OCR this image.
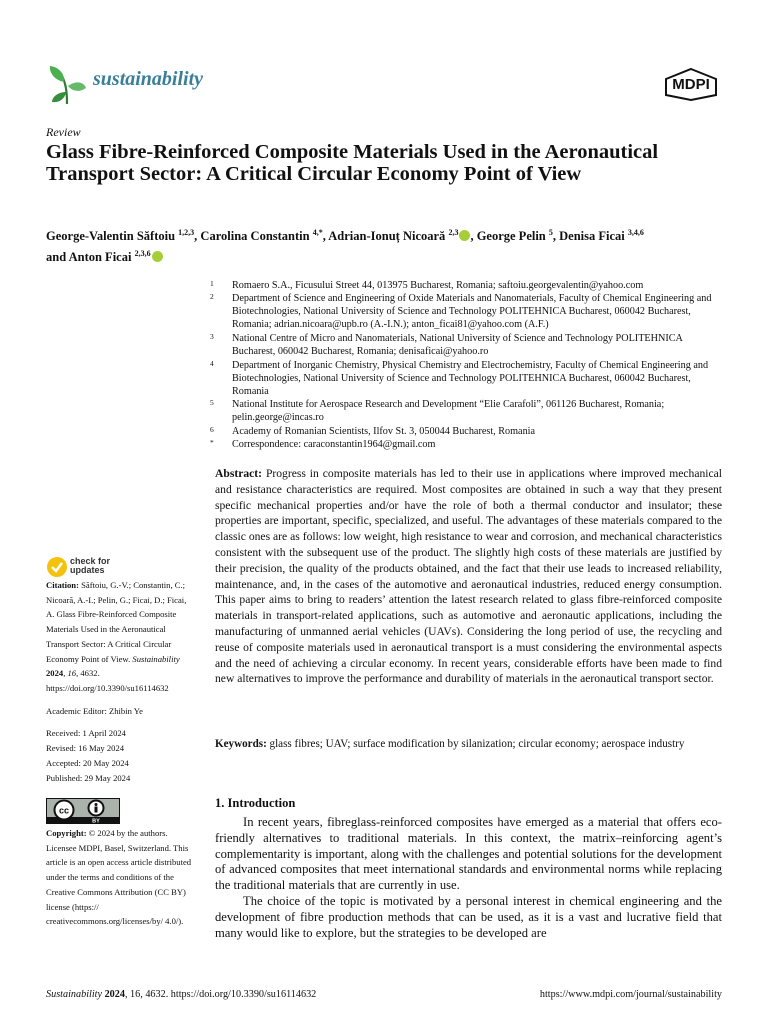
sustainability	MDPI
Review
Glass Fibre-Reinforced Composite Materials Used in the Aeronautical Transport Sector: A Critical Circular Economy Point of View
George-Valentin Săftoiu $^{1,2,3}$, Carolina Constantin $^{4,*}$, Adrian-Ionuț Nicoară $^{2,3}$ , George Pelin $^5$, Denisa Ficai $^{3,4,6}$
and Anton Ficai $^{2,3,6}$
1	Romaero S.A., Ficusului Street 44, 013975 Bucharest, Romania; saftoiu.georgevalentin@yahoo.com
2	Department of Science and Engineering of Oxide Materials and Nanomaterials, Faculty of Chemical Engineering and Biotechnologies, National University of Science and Technology POLITEHNICA Bucharest, 060042 Bucharest, Romania; adrian.nicoara@upb.ro (A.-I.N.); anton_ficai81@yahoo.com (A.F.)
3	National Centre of Micro and Nanomaterials, National University of Science and Technology POLITEHNICA Bucharest, 060042 Bucharest, Romania; denisaficai@yahoo.ro
4	Department of Inorganic Chemistry, Physical Chemistry and Electrochemistry, Faculty of Chemical Engineering and Biotechnologies, National University of Science and Technology POLITEHNICA Bucharest, 060042 Bucharest, Romania
5	National Institute for Aerospace Research and Development “Elie Carafoli”, 061126 Bucharest, Romania; pelin.george@incas.ro
6	Academy of Romanian Scientists, Ilfov St. 3, 050044 Bucharest, Romania
*	Correspondence: caraconstantin1964@gmail.com
Abstract: Progress in composite materials has led to their use in applications where improved mechanical and resistance characteristics are required. Most composites are obtained in such a way that they present specific mechanical properties and/or have the role of both a thermal conductor and insulator; these properties are important, specific, specialized, and useful. The advantages of these materials compared to the classic ones are as follows: low weight, high resistance to wear and corrosion, and mechanical characteristics consistent with the subsequent use of the product. The slightly high costs of these materials are justified by their precision, the quality of the products obtained, and the fact that their use leads to increased reliability, maintenance, and, in the cases of the automotive and aeronautical industries, reduced energy consumption. This paper aims to bring to readers’ attention the latest research related to glass fibre-reinforced composite materials in transport-related applications, such as automotive and aeronautic applications, including the manufacturing of unmanned aerial vehicles (UAVs). Considering the long period of use, the recycling and reuse of composite materials used in aeronautical transport is a must considering the environmental aspects and the need of achieving a circular economy. In recent years, considerable efforts have been made to find new alternatives to improve the performance and durability of materials in the aeronautical transport sector.
Keywords: glass fibres; UAV; surface modification by silanization; circular economy; aerospace industry
check for
updates
Citation: Săftoiu, G.-V.; Constantin, C.; Nicoară, A.-I.; Pelin, G.; Ficai, D.; Ficai, A. Glass Fibre-Reinforced Composite Materials Used in the Aeronautical Transport Sector: A Critical Circular Economy Point of View. Sustainability 2024, 16, 4632. https://doi.org/10.3390/su16114632
Academic Editor: Zhibin Ye
Received: 1 April 2024
Revised: 16 May 2024
Accepted: 20 May 2024
Published: 29 May 2024
cc
BY
Copyright: © 2024 by the authors. Licensee MDPI, Basel, Switzerland. This article is an open access article distributed under the terms and conditions of the Creative Commons Attribution (CC BY) license (https:// creativecommons.org/licenses/by/ 4.0/).
1. Introduction

In recent years, fibreglass-reinforced composites have emerged as a material that offers eco-friendly alternatives to traditional materials. In this context, the matrix–reinforcing agent’s complementarity is important, along with the challenges and potential solutions for the development of advanced composites that meet international standards and environmental norms while replacing the traditional materials that are currently in use.

The choice of the topic is motivated by a personal interest in chemical engineering and the development of fibre production methods that can be used, as it is a vast and lucrative field that many would like to explore, but the strategies to be developed are

Sustainability 2024, 16, 4632. https://doi.org/10.3390/su16114632	https://www.mdpi.com/journal/sustainability
